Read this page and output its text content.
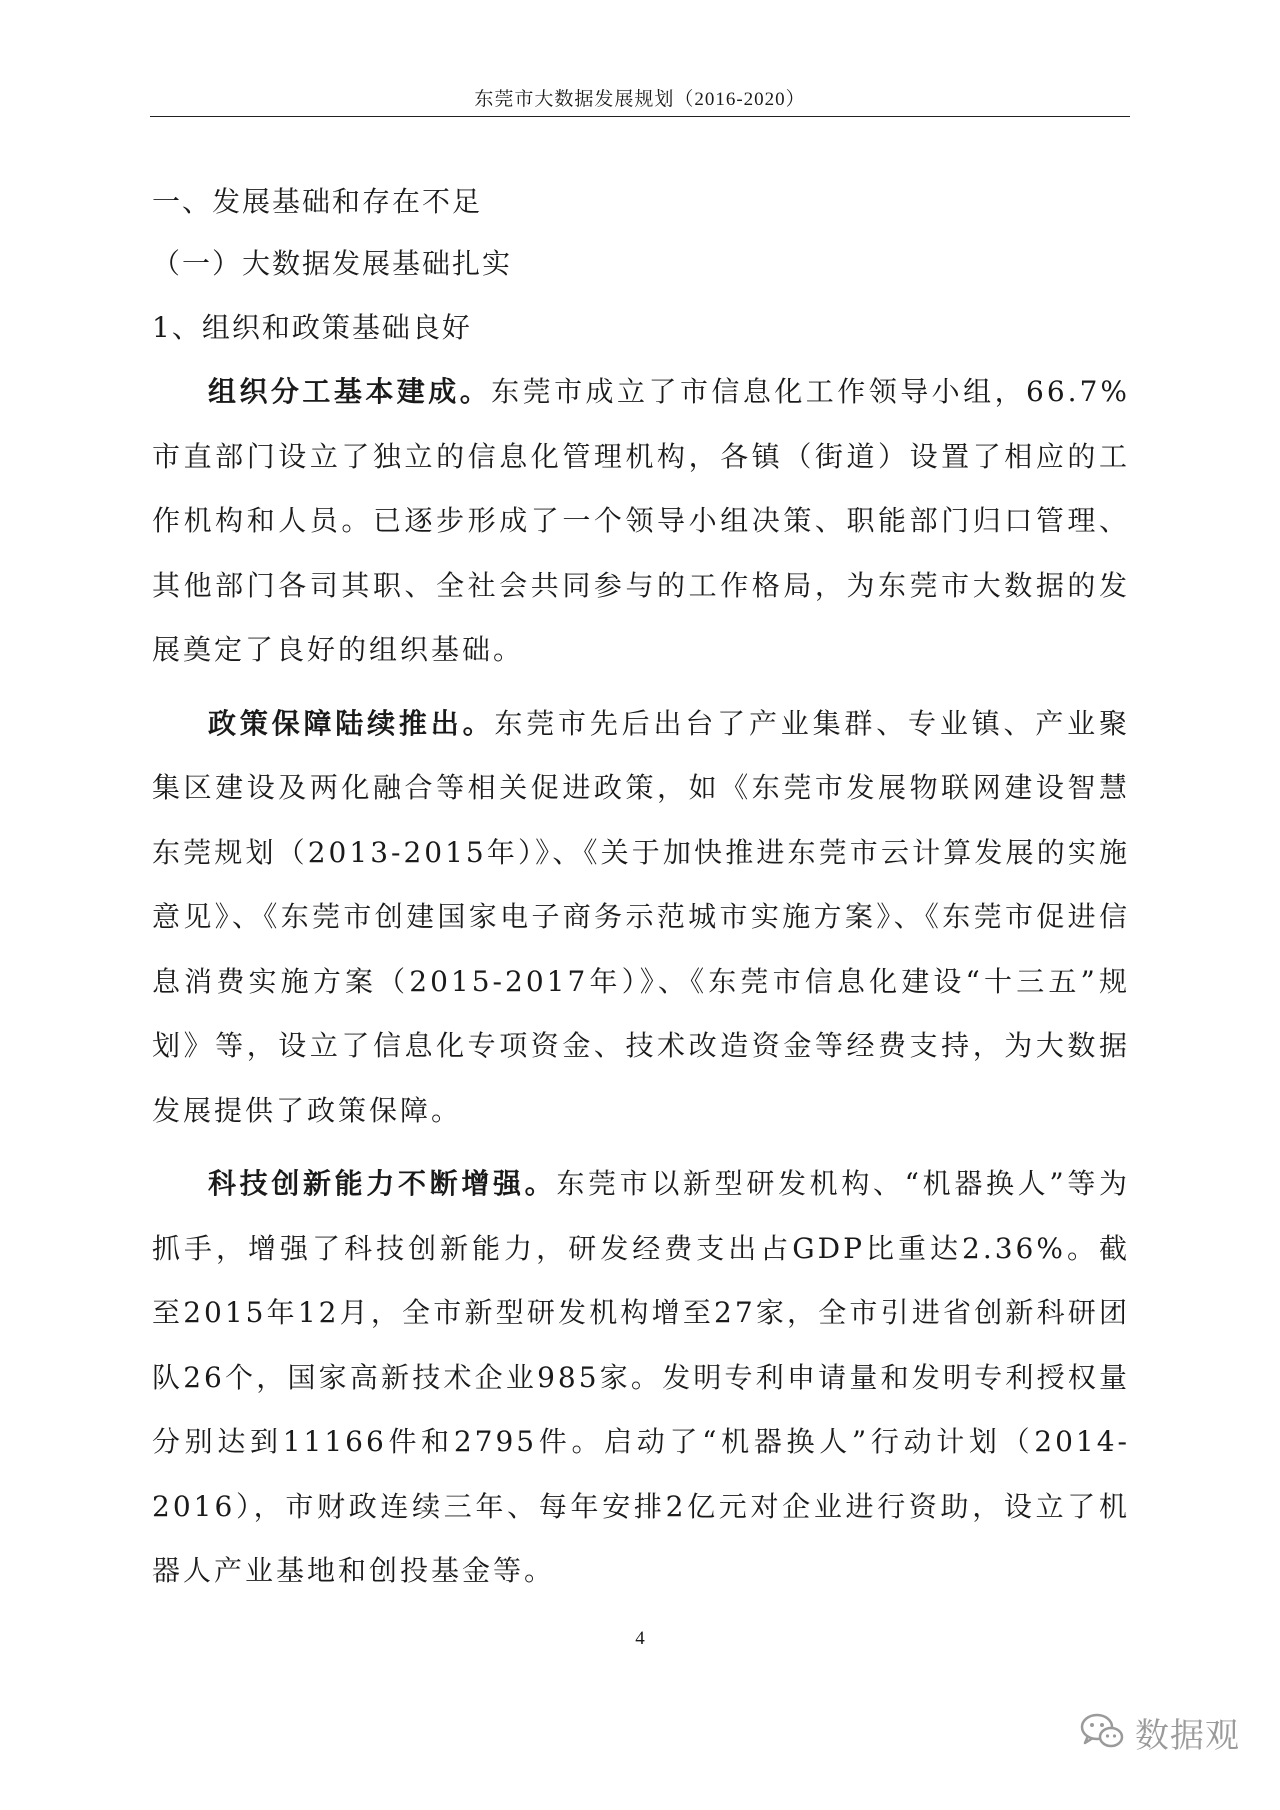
东莞市大数据发展规划（2016-2020）
一、发展基础和存在不足
（一）大数据发展基础扎实
1、组织和政策基础良好

组织分工基本建成。东莞市成立了市信息化工作领导小组，66.7%市直部门设立了独立的信息化管理机构，各镇（街道）设置了相应的工作机构和人员。已逐步形成了一个领导小组决策、职能部门归口管理、其他部门各司其职、全社会共同参与的工作格局，为东莞市大数据的发展奠定了良好的组织基础。

政策保障陆续推出。东莞市先后出台了产业集群、专业镇、产业聚集区建设及两化融合等相关促进政策，如《东莞市发展物联网建设智慧东莞规划（2013-2015年）》、《关于加快推进东莞市云计算发展的实施意见》、《东莞市创建国家电子商务示范城市实施方案》、《东莞市促进信息消费实施方案（2015-2017年）》、《东莞市信息化建设“十三五”规划》等，设立了信息化专项资金、技术改造资金等经费支持，为大数据发展提供了政策保障。

科技创新能力不断增强。东莞市以新型研发机构、“机器换人”等为抓手，增强了科技创新能力，研发经费支出占GDP比重达2.36%。截至2015年12月，全市新型研发机构增至27家，全市引进省创新科研团队26个，国家高新技术企业985家。发明专利申请量和发明专利授权量分别达到11166件和2795件。启动了“机器换人”行动计划（2014-2016），市财政连续三年、每年安排2亿元对企业进行资助，设立了机器人产业基地和创投基金等。

4
数据观
